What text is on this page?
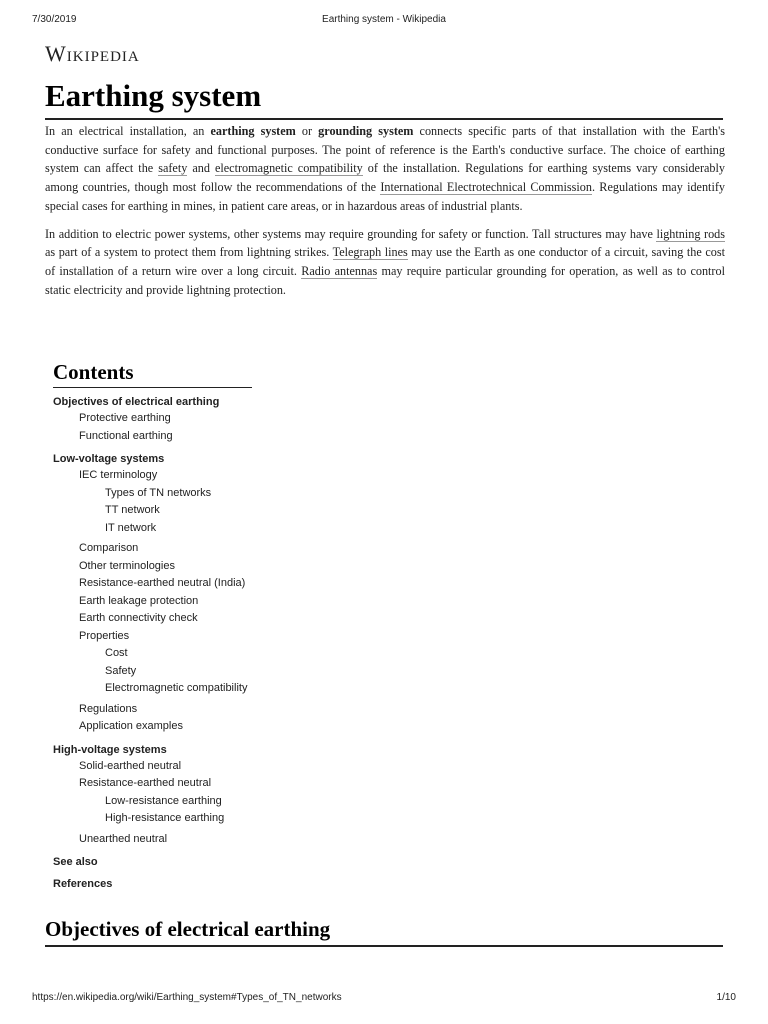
7/30/2019	Earthing system - Wikipedia
Wikipedia
Earthing system

In an electrical installation, an earthing system or grounding system connects specific parts of that installation with the Earth's conductive surface for safety and functional purposes. The point of reference is the Earth's conductive surface. The choice of earthing system can affect the safety and electromagnetic compatibility of the installation. Regulations for earthing systems vary considerably among countries, though most follow the recommendations of the International Electrotechnical Commission. Regulations may identify special cases for earthing in mines, in patient care areas, or in hazardous areas of industrial plants.

In addition to electric power systems, other systems may require grounding for safety or function. Tall structures may have lightning rods as part of a system to protect them from lightning strikes. Telegraph lines may use the Earth as one conductor of a circuit, saving the cost of installation of a return wire over a long circuit. Radio antennas may require particular grounding for operation, as well as to control static electricity and provide lightning protection.

Contents
Objectives of electrical earthing
Protective earthing
Functional earthing
Low-voltage systems
IEC terminology
Types of TN networks
TT network
IT network
Comparison
Other terminologies
Resistance-earthed neutral (India)
Earth leakage protection
Earth connectivity check
Properties
Cost
Safety
Electromagnetic compatibility
Regulations
Application examples
High-voltage systems
Solid-earthed neutral
Resistance-earthed neutral
Low-resistance earthing
High-resistance earthing
Unearthed neutral
See also
References
Objectives of electrical earthing
https://en.wikipedia.org/wiki/Earthing_system#Types_of_TN_networks	1/10
